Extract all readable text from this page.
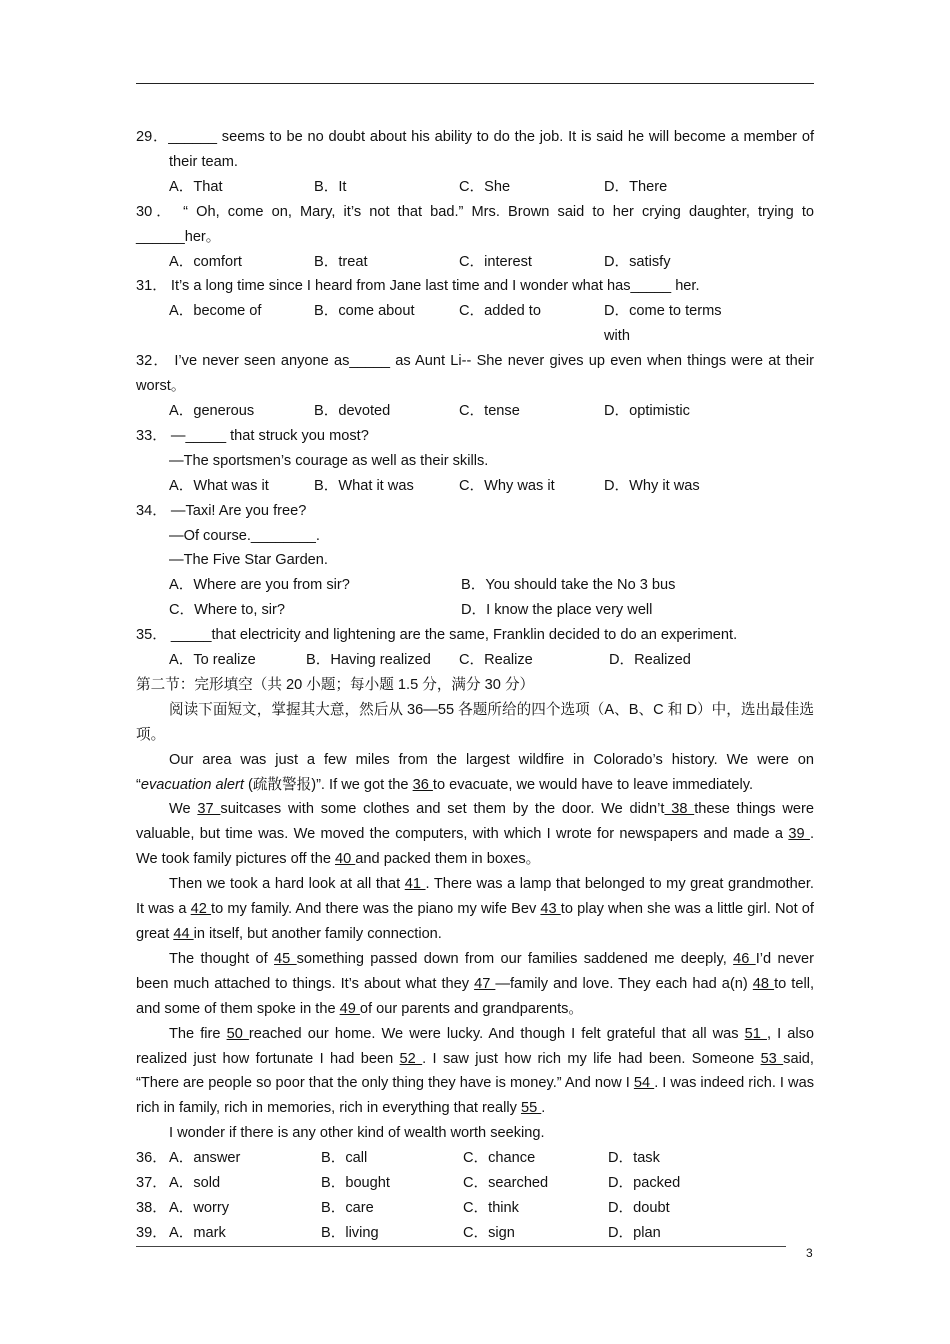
29．______ seems to be no doubt about his ability to do the job. It is said he will become a member of their team.

A．That	B．It	C．She	D．There

30． “ Oh, come on, Mary, it’s not that bad.” Mrs. Brown said to her crying daughter, trying to ______her。

A．comfort	B．treat	C．interest	D．satisfy

31． It’s a long time since I heard from Jane last time and I wonder what has_____ her.

A．become of	B．come about	C．added to	D．come to terms with

32． I’ve never seen anyone as_____ as Aunt Li-- She never gives up even when things were at their worst。

A．generous	B．devoted	C．tense	D．optimistic

33． —_____ that struck you most?

—The sportsmen’s courage as well as their skills.

A．What was it	B．What it was	C．Why was it	D．Why it was

34． —Taxi! Are you free?

—Of course.________.

—The Five Star Garden.

A．Where are you from sir?	B．You should take the No 3 bus
C．Where to, sir?	D．I know the place very well

35． _____that electricity and lightening are the same, Franklin decided to do an experiment.

A．To realize	B．Having realized	C．Realize	D．Realized

第二节：完形填空（共 20 小题；每小题 1.5 分，满分 30 分）

阅读下面短文，掌握其大意，然后从 36—55 各题所给的四个选项（A、B、C 和 D）中，选出最佳选项。

Our area was just a few miles from the largest wildfire in Colorado’s history. We were on “evacuation alert (疏散警报)”. If we got the 36 to evacuate, we would have to leave immediately.

We 37 suitcases with some clothes and set them by the door. We didn’t 38 these things were valuable, but time was. We moved the computers, with which I wrote for newspapers and made a 39 . We took family pictures off the 40 and packed them in boxes。

Then we took a hard look at all that 41 . There was a lamp that belonged to my great grandmother. It was a 42 to my family. And there was the piano my wife Bev 43 to play when she was a little girl. Not of great 44 in itself, but another family connection.

The thought of 45 something passed down from our families saddened me deeply, 46 I’d never been much attached to things. It’s about what they 47 —family and love. They each had a(n) 48 to tell, and some of them spoke in the 49 of our parents and grandparents。

The fire 50 reached our home. We were lucky. And though I felt grateful that all was 51 , I also realized just how fortunate I had been 52 . I saw just how rich my life had been. Someone 53 said, “There are people so poor that the only thing they have is money.” And now I 54 . I was indeed rich. I was rich in family, rich in memories, rich in everything that really 55 .

I wonder if there is any other kind of wealth worth seeking.

36． A．answer	B．call	C．chance	D．task
37． A．sold	B．bought	C．searched	D．packed
38． A．worry	B．care	C．think	D．doubt
39． A．mark	B．living	C．sign	D．plan
3
